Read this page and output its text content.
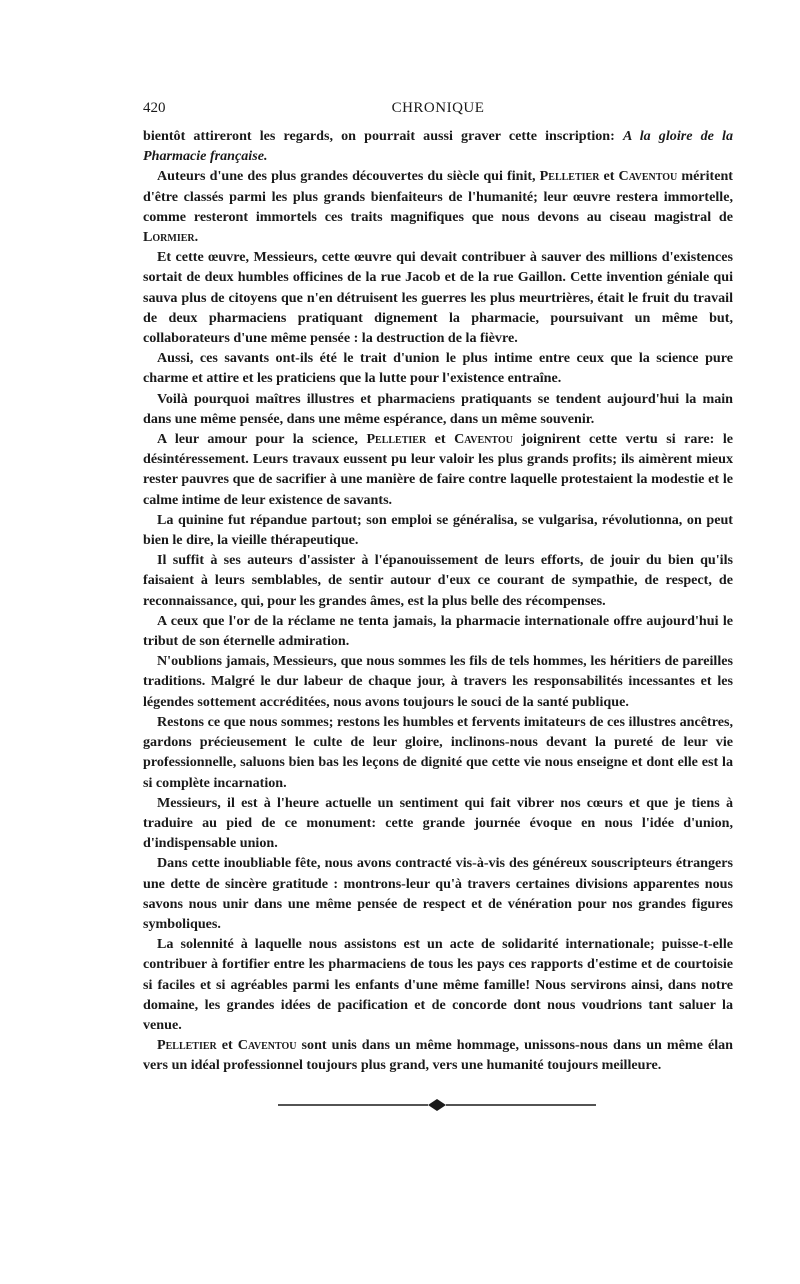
420	CHRONIQUE

bientôt attireront les regards, on pourrait aussi graver cette inscription: A la gloire de la Pharmacie française.

Auteurs d'une des plus grandes découvertes du siècle qui finit, Pelletier et Caventou méritent d'être classés parmi les plus grands bienfaiteurs de l'humanité; leur œuvre restera immortelle, comme resteront immortels ces traits magnifiques que nous devons au ciseau magistral de Lormier.

Et cette œuvre, Messieurs, cette œuvre qui devait contribuer à sauver des millions d'existences sortait de deux humbles officines de la rue Jacob et de la rue Gaillon. Cette invention géniale qui sauva plus de citoyens que n'en détruisent les guerres les plus meurtrières, était le fruit du travail de deux pharmaciens pratiquant dignement la pharmacie, poursuivant un même but, collaborateurs d'une même pensée : la destruction de la fièvre.

Aussi, ces savants ont-ils été le trait d'union le plus intime entre ceux que la science pure charme et attire et les praticiens que la lutte pour l'existence entraîne.

Voilà pourquoi maîtres illustres et pharmaciens pratiquants se tendent aujourd'hui la main dans une même pensée, dans une même espérance, dans un même souvenir.

A leur amour pour la science, Pelletier et Caventou joignirent cette vertu si rare: le désintéressement. Leurs travaux eussent pu leur valoir les plus grands profits; ils aimèrent mieux rester pauvres que de sacrifier à une manière de faire contre laquelle protestaient la modestie et le calme intime de leur existence de savants.

La quinine fut répandue partout; son emploi se généralisa, se vulgarisa, révolutionna, on peut bien le dire, la vieille thérapeutique.

Il suffit à ses auteurs d'assister à l'épanouissement de leurs efforts, de jouir du bien qu'ils faisaient à leurs semblables, de sentir autour d'eux ce courant de sympathie, de respect, de reconnaissance, qui, pour les grandes âmes, est la plus belle des récompenses.

A ceux que l'or de la réclame ne tenta jamais, la pharmacie internationale offre aujourd'hui le tribut de son éternelle admiration.

N'oublions jamais, Messieurs, que nous sommes les fils de tels hommes, les héritiers de pareilles traditions. Malgré le dur labeur de chaque jour, à travers les responsabilités incessantes et les légendes sottement accréditées, nous avons toujours le souci de la santé publique.

Restons ce que nous sommes; restons les humbles et fervents imitateurs de ces illustres ancêtres, gardons précieusement le culte de leur gloire, inclinons-nous devant la pureté de leur vie professionnelle, saluons bien bas les leçons de dignité que cette vie nous enseigne et dont elle est la si complète incarnation.

Messieurs, il est à l'heure actuelle un sentiment qui fait vibrer nos cœurs et que je tiens à traduire au pied de ce monument: cette grande journée évoque en nous l'idée d'union, d'indispensable union.

Dans cette inoubliable fête, nous avons contracté vis-à-vis des généreux souscripteurs étrangers une dette de sincère gratitude : montrons-leur qu'à travers certaines divisions apparentes nous savons nous unir dans une même pensée de respect et de vénération pour nos grandes figures symboliques.

La solennité à laquelle nous assistons est un acte de solidarité internationale; puisse-t-elle contribuer à fortifier entre les pharmaciens de tous les pays ces rapports d'estime et de courtoisie si faciles et si agréables parmi les enfants d'une même famille! Nous servirons ainsi, dans notre domaine, les grandes idées de pacification et de concorde dont nous voudrions tant saluer la venue.

Pelletier et Caventou sont unis dans un même hommage, unissons-nous dans un même élan vers un idéal professionnel toujours plus grand, vers une humanité toujours meilleure.
